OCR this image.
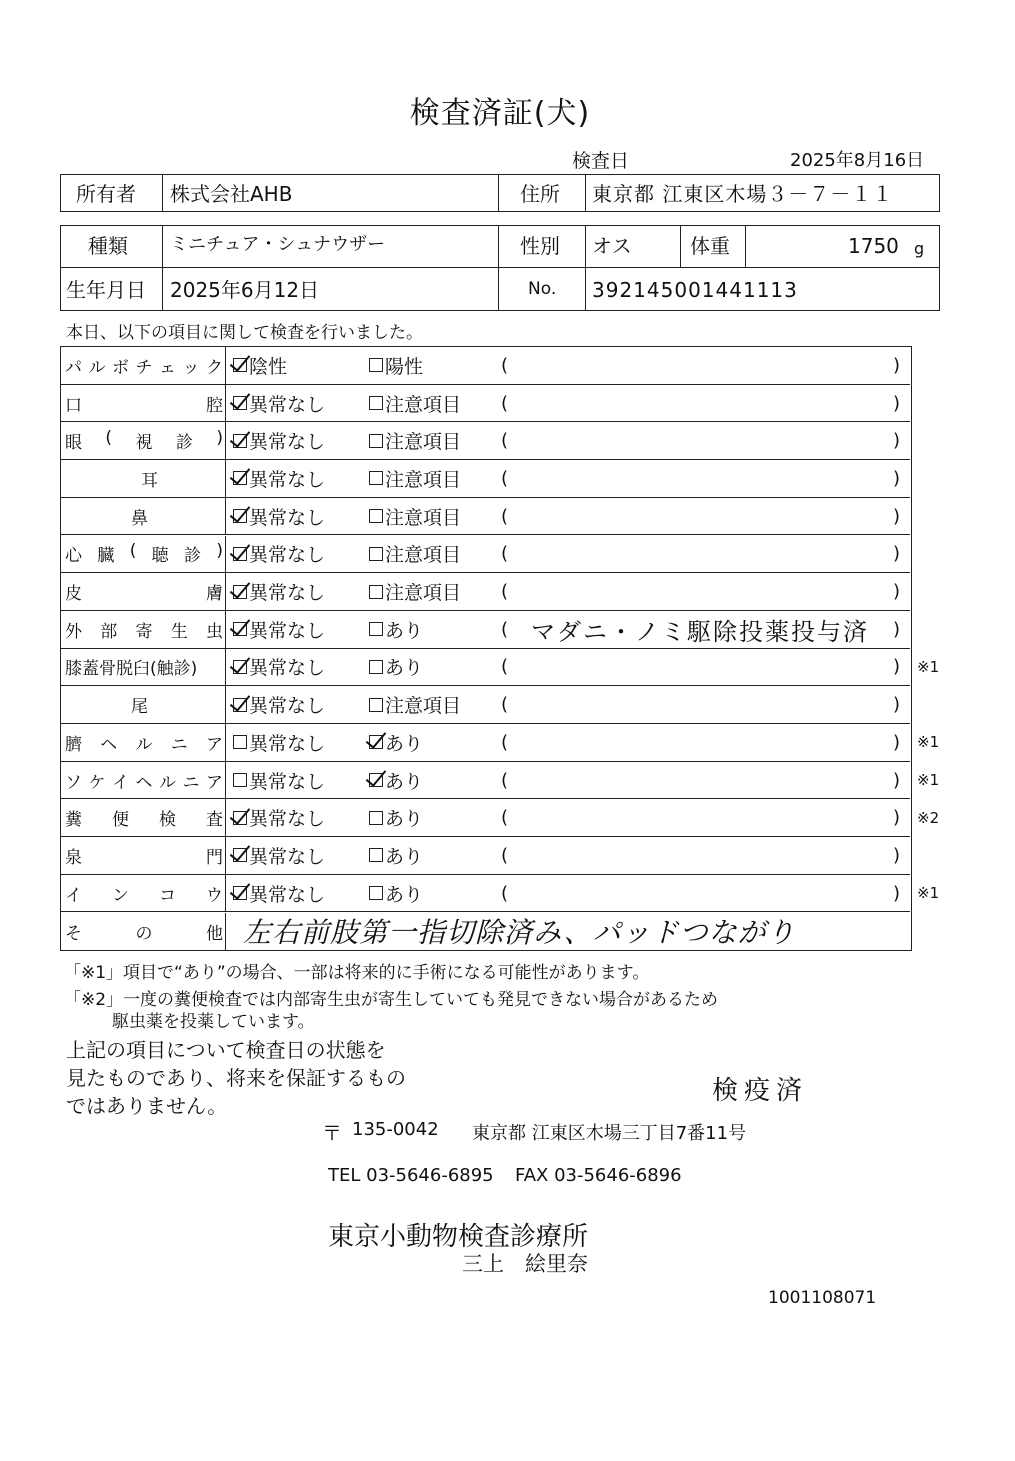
検査済証(犬)
検査日	2025年8月16日
所有者 株式会社AHB	住所 東京都 江東区木場３－７－１１
種類 ミニチュア・シュナウザー	性別 オス	体重	1750 g
生年月日 2025年6月12日	No. 392145001441113
本日、以下の項目に関して検査を行いました。
パ ル ボ チ ェ ッ ク 陰性	陽性	(	)
口	腔 異常なし	注意項目 (	)
眼 ( 視 診 ) 異常なし	注意項目 (	)
耳	異常なし	注意項目 (	)
鼻	異常なし	注意項目 (	)
心 臓 ( 聴 診 ) 異常なし	注意項目 (	)
皮	膚 異常なし	注意項目 (	)
外 部 寄 生 虫 異常なし	あり	( マダニ・ノミ駆除投薬投与済 )
膝蓋骨脱臼(触診)	異常なし	あり	(	) ※1
尾	異常なし	注意項目 (	)
臍 ヘ ル ニ ア 異常なし	あり	(	) ※1
ソ ケ イ ヘ ル ニ ア 異常なし	あり	(	) ※1
糞 便 検 査 異常なし	あり	(	) ※2
泉	門 異常なし	あり	(	)
イ ン コ ウ 異常なし	あり	(	) ※1
そ	の	他 左右前肢第一指切除済み、パッドつながり
「※1」項目で“あり”の場合、一部は将来的に手術になる可能性があります。
「※2」一度の糞便検査では内部寄生虫が寄生していても発見できない場合があるため
駆虫薬を投薬しています。
上記の項目について検査日の状態を
見たものであり、将来を保証するもの
ではありません。	検疫済
〒 135-0042 東京都 江東区木場三丁目7番11号
TEL 03-5646-6895 FAX 03-5646-6896
東京小動物検査診療所
三上　絵里奈
1001108071
